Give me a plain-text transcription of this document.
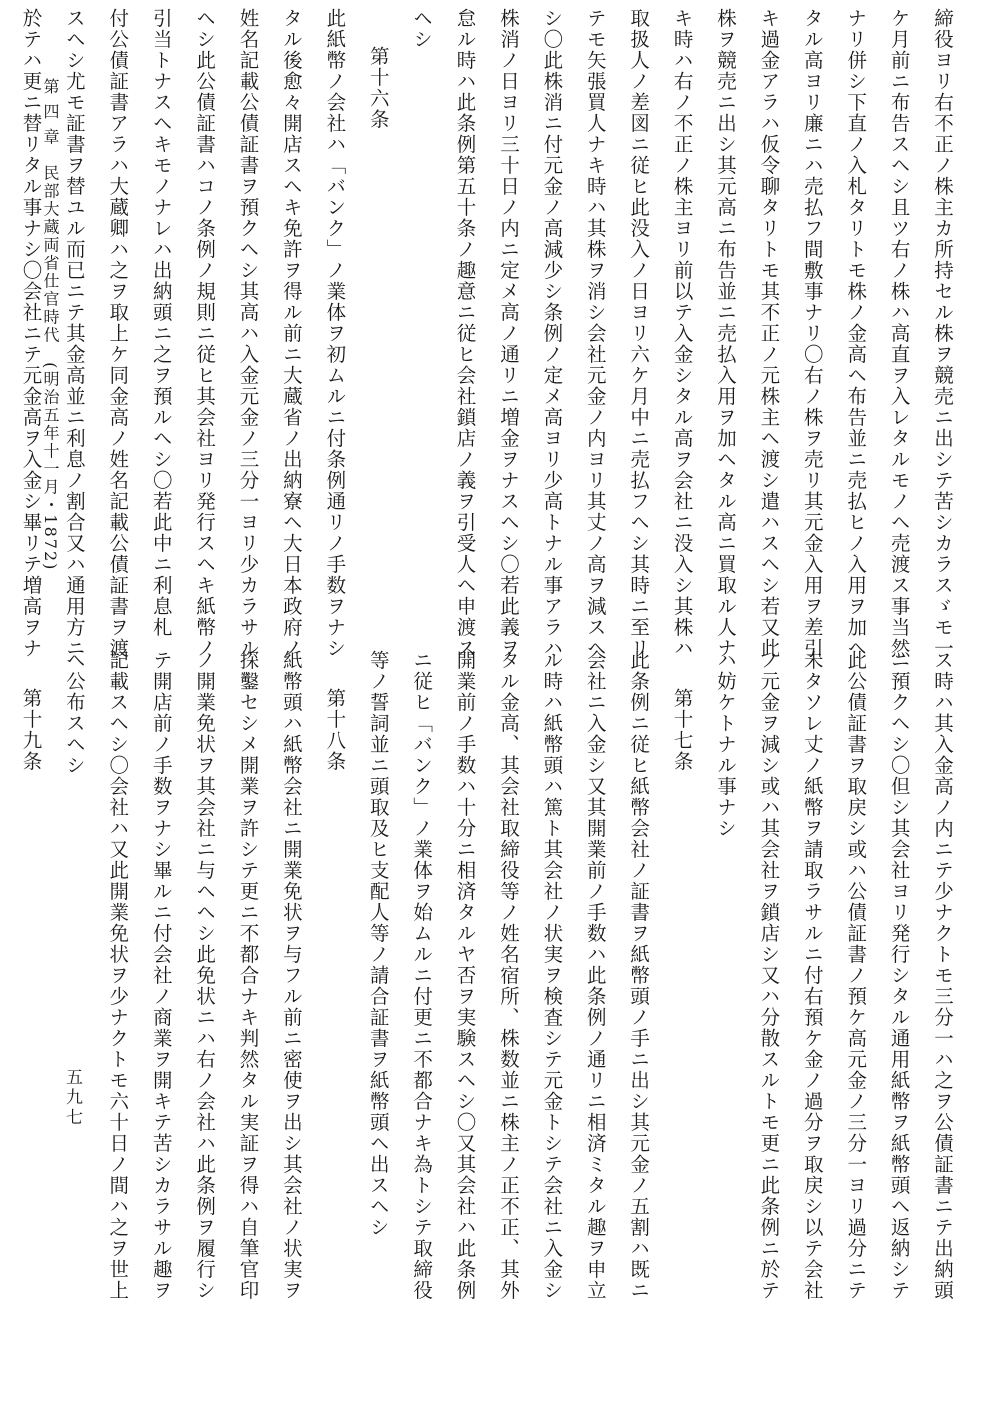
締役ヨリ右不正ノ株主カ所持セル株ヲ競売ニ出シテ苦シカラスゞモ一

ケ月前ニ布告スヘシ且ツ右ノ株ハ高直ヲ入レタルモノヘ売渡ス事当然

ナリ併シ下直ノ入札タリトモ株ノ金高ヘ布告並ニ売払ヒノ入用ヲ加ヘ

タル高ヨリ廉ニハ売払フ間敷事ナリ〇右ノ株ヲ売リ其元金入用ヲ差引

キ過金アラハ仮令聊タリトモ其不正ノ元株主ヘ渡シ遣ハスヘシ若又此

株ヲ競売ニ出シ其元高ニ布告並ニ売払入用ヲ加ヘタル高ニ買取ル人ナ

キ時ハ右ノ不正ノ株主ヨリ前以テ入金シタル高ヲ会社ニ没入シ其株ハ

取扱人ノ差図ニ従ヒ此没入ノ日ヨリ六ケ月中ニ売払フヘシ其時ニ至リ

テモ矢張買人ナキ時ハ其株ヲ消シ会社元金ノ内ヨリ其丈ノ高ヲ減スヘ

シ〇此株消ニ付元金ノ高減少シ条例ノ定メ高ヨリ少高トナル事アラハ

株消ノ日ヨリ三十日ノ内ニ定メ高ノ通リニ増金ヲナスヘシ〇若此義ヲ

怠ル時ハ此条例第五十条ノ趣意ニ従ヒ会社鎖店ノ義ヲ引受人ヘ申渡ス

ヘシ

第十六条

此紙幣ノ会社ハ「バンク」ノ業体ヲ初ムルニ付条例通リノ手数ヲナシ

タル後愈々開店スヘキ免許ヲ得ル前ニ大蔵省ノ出納寮ヘ大日本政府ノ

姓名記載公債証書ヲ預クヘシ其高ハ入金元金ノ三分一ヨリ少カラサル

ヘシ此公債証書ハコノ条例ノ規則ニ従ヒ其会社ヨリ発行スヘキ紙幣ノ

引当トナスヘキモノナレハ出納頭ニ之ヲ預ルヘシ〇若此中ニ利息札

付公債証書アラハ大蔵卿ハ之ヲ取上ケ同金高ノ姓名記載公債証書ヲ渡

スヘシ尤モ証書ヲ替ユル而已ニテ其金高並ニ利息ノ割合又ハ通用方ニ

於テハ更ニ替リタル事ナシ〇会社ニテ元金高ヲ入金シ畢リテ増高ヲナ

ス時ハ其入金高ノ内ニテ少ナクトモ三分一ハ之ヲ公債証書ニテ出納頭

ニ預クヘシ〇但シ其会社ヨリ発行シタル通用紙幣ヲ紙幣頭ヘ返納シテ

此公債証書ヲ取戻シ或ハ公債証書ノ預ケ高元金ノ三分一ヨリ過分ニテ

未タソレ丈ノ紙幣ヲ請取ラサルニ付右預ケ金ノ過分ヲ取戻シ以テ会社

ノ元金ヲ減シ或ハ其会社ヲ鎖店シ又ハ分散スルトモ更ニ此条例ニ於テ

ハ妨ケトナル事ナシ

第十七条

此条例ニ従ヒ紙幣会社ノ証書ヲ紙幣頭ノ手ニ出シ其元金ノ五割ハ既ニ

会社ニ入金シ又其開業前ノ手数ハ此条例ノ通リニ相済ミタル趣ヲ申立

ル時ハ紙幣頭ハ篤ト其会社ノ状実ヲ検査シテ元金トシテ会社ニ入金シ

タル金高、其会社取締役等ノ姓名宿所、株数並ニ株主ノ正不正、其外

開業前ノ手数ハ十分ニ相済タルヤ否ヲ実験スヘシ〇又其会社ハ此条例

ニ従ヒ「バンク」ノ業体ヲ始ムルニ付更ニ不都合ナキ為トシテ取締役

等ノ誓詞並ニ頭取及ヒ支配人等ノ請合証書ヲ紙幣頭ヘ出スヘシ

第十八条

紙幣頭ハ紙幣会社ニ開業免状ヲ与フル前ニ密使ヲ出シ其会社ノ状実ヲ

探鑿セシメ開業ヲ許シテ更ニ不都合ナキ判然タル実証ヲ得ハ自筆官印

ノ開業免状ヲ其会社ニ与ヘヘシ此免状ニハ右ノ会社ハ此条例ヲ履行シ

テ開店前ノ手数ヲナシ畢ルニ付会社ノ商業ヲ開キテ苦シカラサル趣ヲ

記載スヘシ〇会社ハ又此開業免状ヲ少ナクトモ六十日ノ間ハ之ヲ世上

ヘ公布スヘシ

第十九条

第 四 章　民部大蔵両省仕官時代　(明治五年十一月・1872)
五九七
